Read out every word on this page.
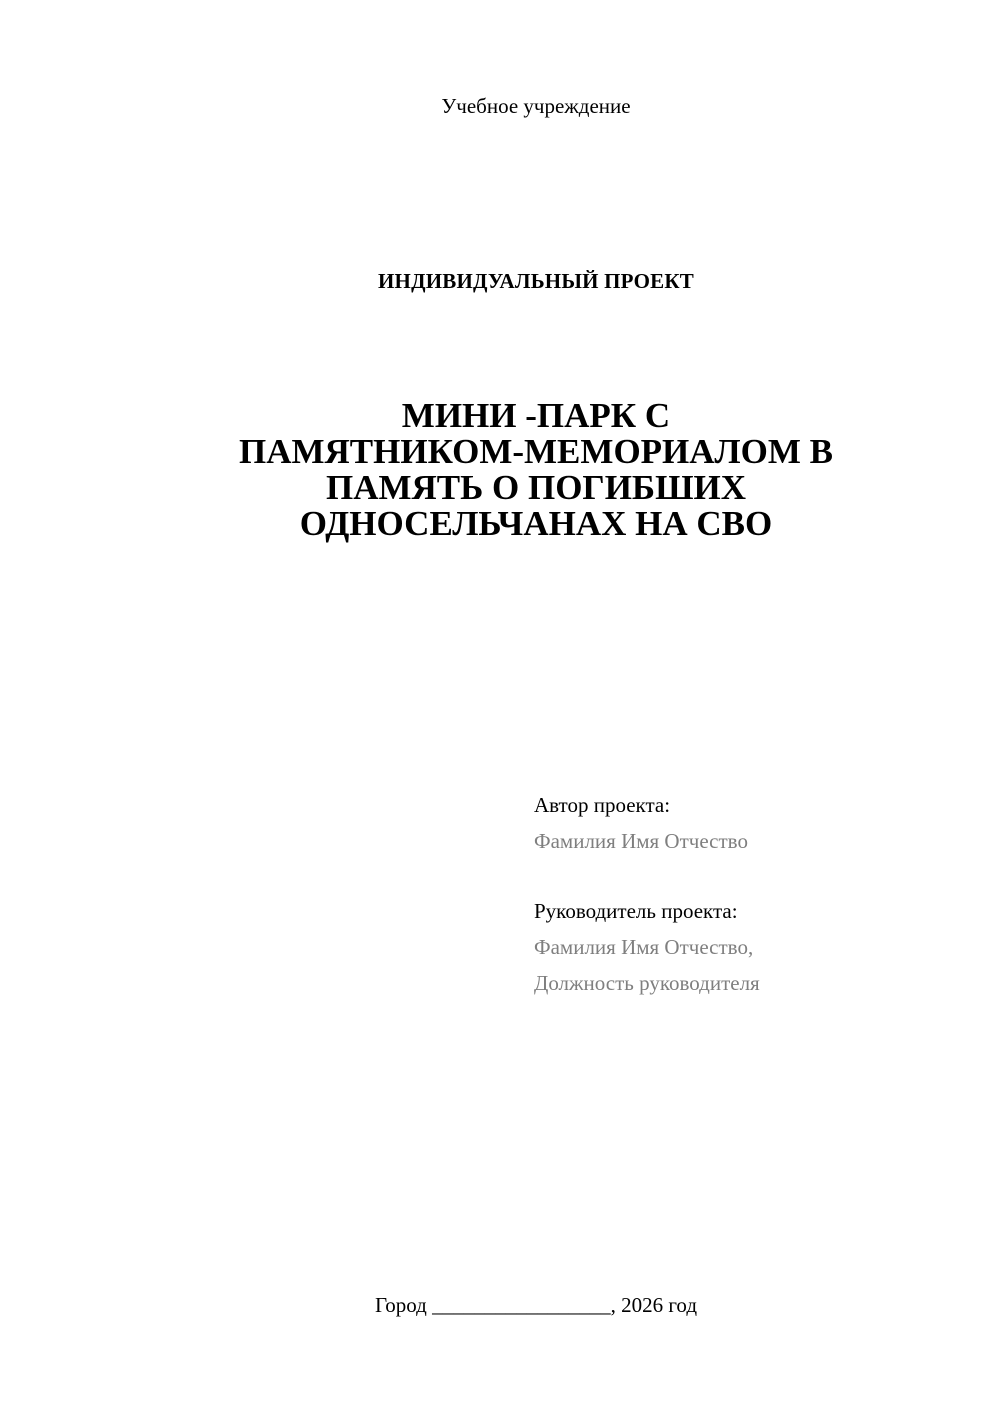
Учебное учреждение
ИНДИВИДУАЛЬНЫЙ ПРОЕКТ
МИНИ -ПАРК С
ПАМЯТНИКОМ-МЕМОРИАЛОМ В
ПАМЯТЬ О ПОГИБШИХ
ОДНОСЕЛЬЧАНАХ НА СВО
Автор проекта:
Фамилия Имя Отчество
Руководитель проекта:
Фамилия Имя Отчество,
Должность руководителя
Город _________________, 2026 год
